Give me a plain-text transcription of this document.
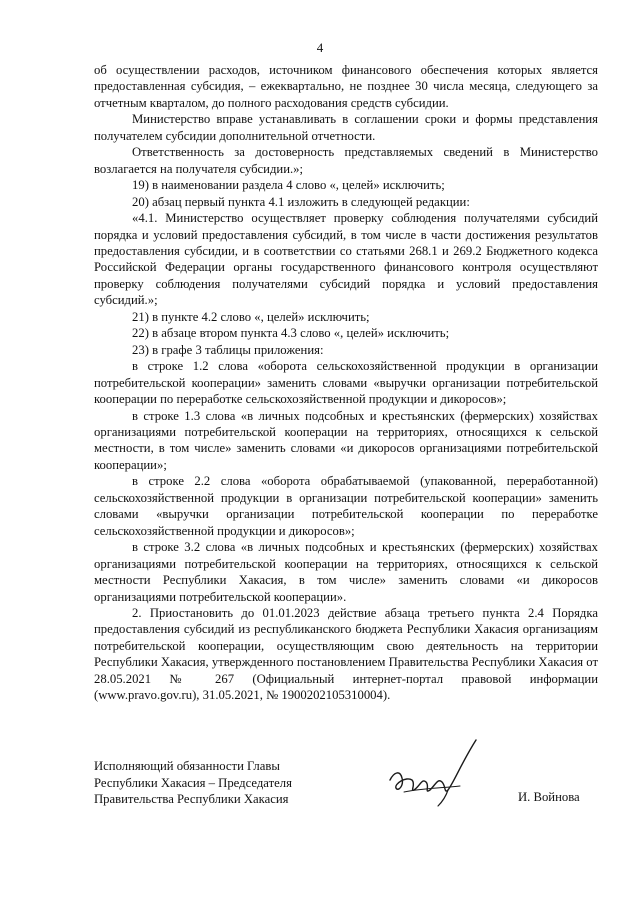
4

об осуществлении расходов, источником финансового обеспечения которых является предоставленная субсидия, – ежеквартально, не позднее 30 числа месяца, следующего за отчетным кварталом, до полного расходования средств субсидии.

Министерство вправе устанавливать в соглашении сроки и формы представления получателем субсидии дополнительной отчетности.

Ответственность за достоверность представляемых сведений в Министерство возлагается на получателя субсидии.»;

19) в наименовании раздела 4 слово «, целей» исключить;

20) абзац первый пункта 4.1 изложить в следующей редакции:

«4.1. Министерство осуществляет проверку соблюдения получателями субсидий порядка и условий предоставления субсидий, в том числе в части достижения результатов предоставления субсидии, и в соответствии со статьями 268.1 и 269.2 Бюджетного кодекса Российской Федерации органы государственного финансового контроля осуществляют проверку соблюдения получателями субсидий порядка и условий предоставления субсидий.»;

21) в пункте 4.2 слово «, целей» исключить;

22) в абзаце втором пункта 4.3 слово «, целей» исключить;

23) в графе 3 таблицы приложения:

в строке 1.2 слова «оборота сельскохозяйственной продукции в организации потребительской кооперации» заменить словами «выручки организации потребительской кооперации по переработке сельскохозяйственной продукции и дикоросов»;

в строке 1.3 слова «в личных подсобных и крестьянских (фермерских) хозяйствах организациями потребительской кооперации на территориях, относящихся к сельской местности, в том числе» заменить словами «и дикоросов организациями потребительской кооперации»;

в строке 2.2 слова «оборота обрабатываемой (упакованной, переработанной) сельскохозяйственной продукции в организации потребительской кооперации» заменить словами «выручки организации потребительской кооперации по переработке сельскохозяйственной продукции и дикоросов»;

в строке 3.2 слова «в личных подсобных и крестьянских (фермерских) хозяйствах организациями потребительской кооперации на территориях, относящихся к сельской местности Республики Хакасия, в том числе» заменить словами «и дикоросов организациями потребительской кооперации».

2. Приостановить до 01.01.2023 действие абзаца третьего пункта 2.4 Порядка предоставления субсидий из республиканского бюджета Республики Хакасия организациям потребительской кооперации, осуществляющим свою деятельность на территории Республики Хакасия, утвержденного постановлением Правительства Республики Хакасия от 28.05.2021 № 267 (Официальный интернет-портал правовой информации (www.pravo.gov.ru), 31.05.2021, № 1900202105310004).

Исполняющий обязанности Главы
Республики Хакасия – Председателя
Правительства Республики Хакасия	И. Войнова
